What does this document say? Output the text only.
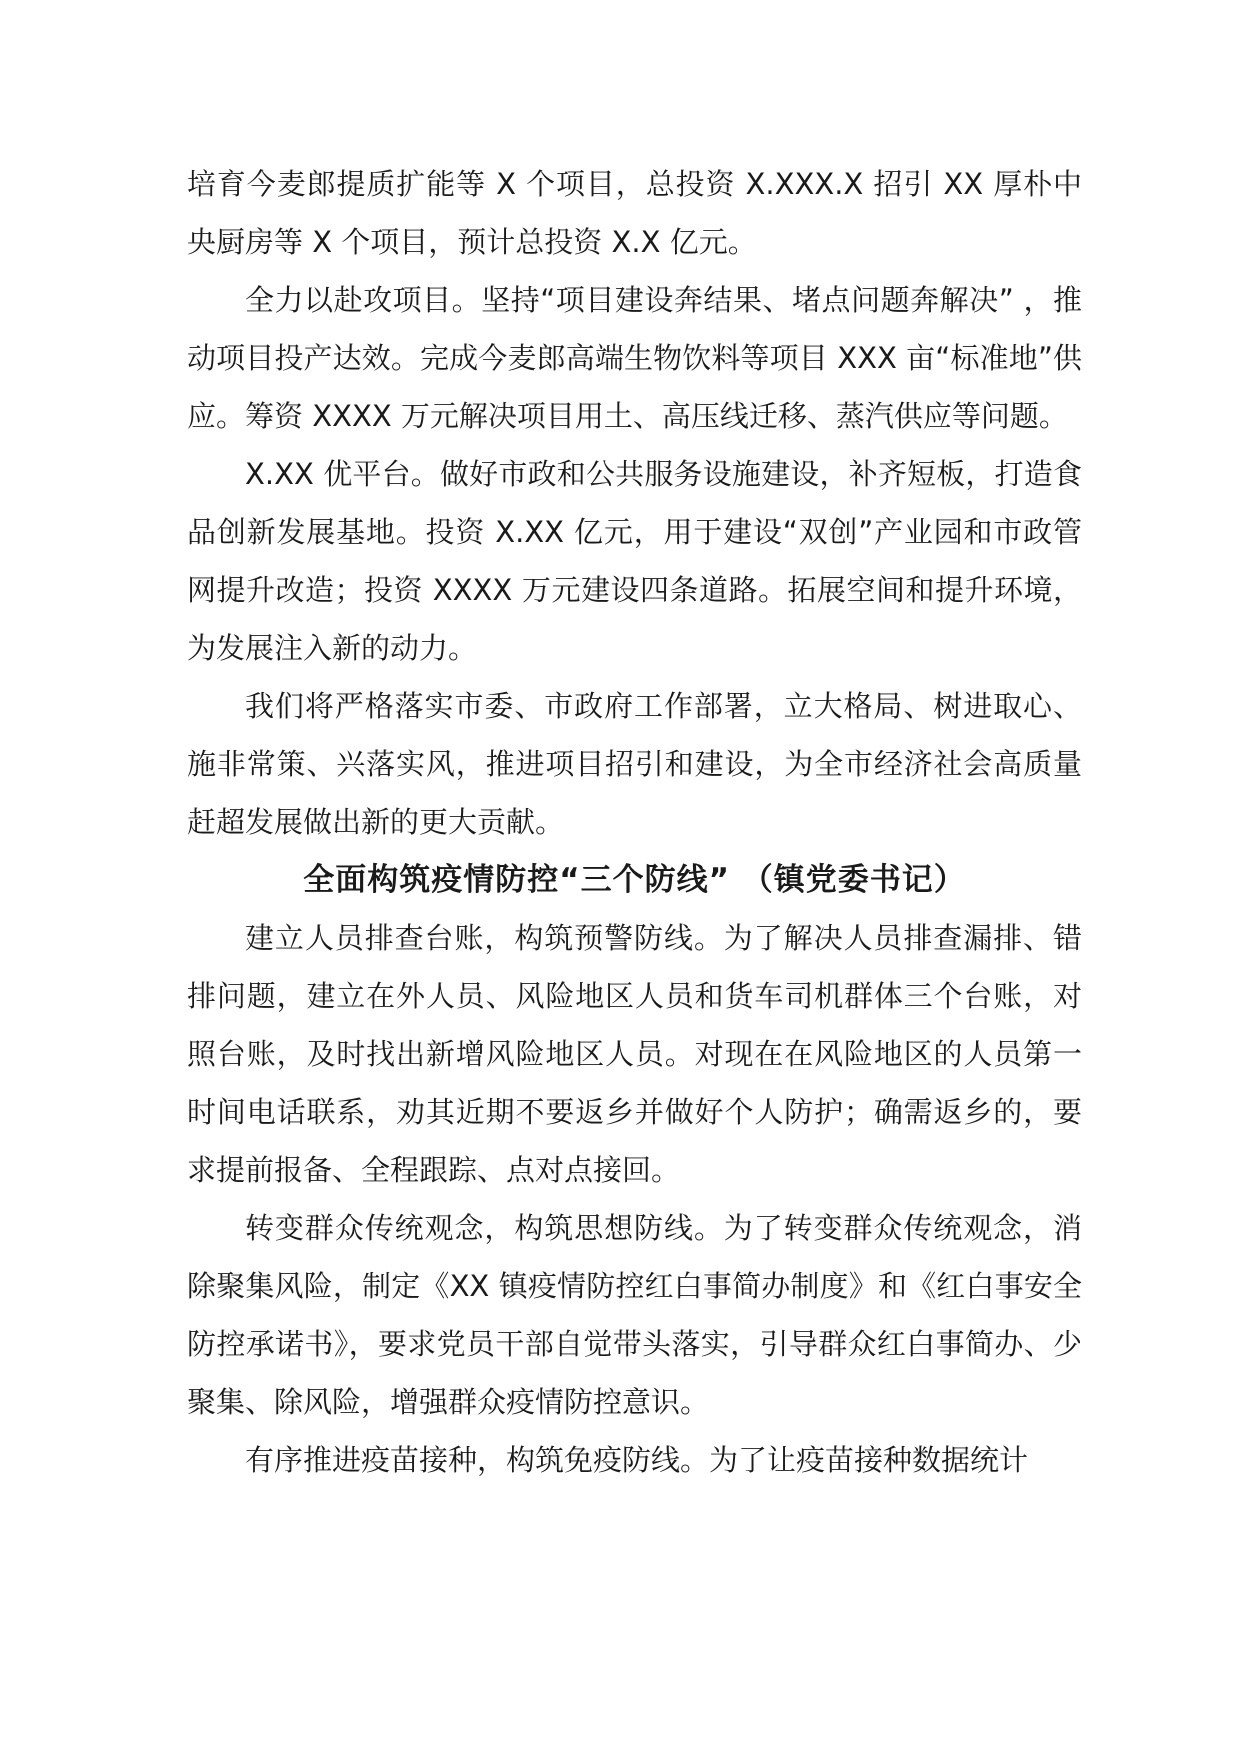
培育今麦郎提质扩能等 X 个项目，总投资 X.XXX.X 招引 XX 厚朴中央厨房等 X 个项目，预计总投资 X.X 亿元。

全力以赴攻项目。坚持“项目建设奔结果、堵点问题奔解决” ，推动项目投产达效。完成今麦郎高端生物饮料等项目 XXX 亩“标准地”供应。筹资 XXXX 万元解决项目用土、高压线迁移、蒸汽供应等问题。

X.XX 优平台。做好市政和公共服务设施建设，补齐短板，打造食品创新发展基地。投资 X.XX 亿元，用于建设“双创”产业园和市政管网提升改造；投资 XXXX 万元建设四条道路。拓展空间和提升环境，为发展注入新的动力。

我们将严格落实市委、市政府工作部署，立大格局、树进取心、施非常策、兴落实风，推进项目招引和建设，为全市经济社会高质量赶超发展做出新的更大贡献。

全面构筑疫情防控“三个防线” （镇党委书记）

建立人员排查台账，构筑预警防线。为了解决人员排查漏排、错排问题，建立在外人员、风险地区人员和货车司机群体三个台账，对照台账，及时找出新增风险地区人员。对现在在风险地区的人员第一时间电话联系，劝其近期不要返乡并做好个人防护；确需返乡的，要求提前报备、全程跟踪、点对点接回。

转变群众传统观念，构筑思想防线。为了转变群众传统观念，消除聚集风险，制定《XX 镇疫情防控红白事简办制度》和《红白事安全防控承诺书》，要求党员干部自觉带头落实，引导群众红白事简办、少聚集、除风险，增强群众疫情防控意识。

有序推进疫苗接种，构筑免疫防线。为了让疫苗接种数据统计
